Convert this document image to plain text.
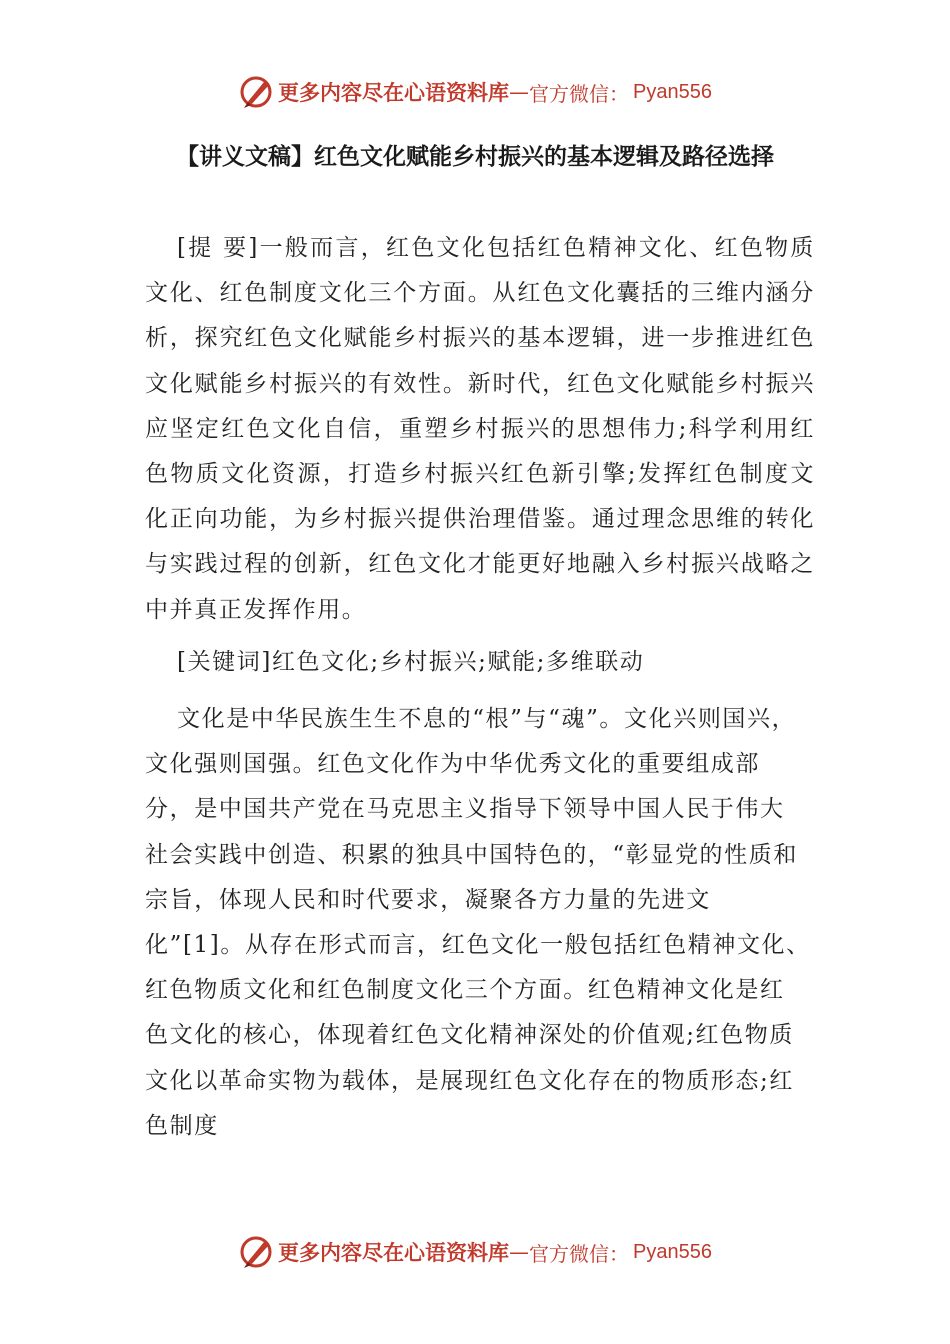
更多内容尽在心语资料库 — 官方微信： Pyan556
【讲义文稿】红色文化赋能乡村振兴的基本逻辑及路径选择
[提 要]一般而言，红色文化包括红色精神文化、红色物质文化、红色制度文化三个方面。从红色文化囊括的三维内涵分析，探究红色文化赋能乡村振兴的基本逻辑，进一步推进红色文化赋能乡村振兴的有效性。新时代，红色文化赋能乡村振兴应坚定红色文化自信，重塑乡村振兴的思想伟力;科学利用红色物质文化资源，打造乡村振兴红色新引擎;发挥红色制度文化正向功能，为乡村振兴提供治理借鉴。通过理念思维的转化与实践过程的创新，红色文化才能更好地融入乡村振兴战略之中并真正发挥作用。
[关键词]红色文化;乡村振兴;赋能;多维联动
文化是中华民族生生不息的“根”与“魂”。文化兴则国兴，
文化强则国强。红色文化作为中华优秀文化的重要组成部
分，是中国共产党在马克思主义指导下领导中国人民于伟大
社会实践中创造、积累的独具中国特色的，“彰显党的性质和
宗旨，体现人民和时代要求，凝聚各方力量的先进文
化”[1]。从存在形式而言，红色文化一般包括红色精神文化、
红色物质文化和红色制度文化三个方面。红色精神文化是红
色文化的核心，体现着红色文化精神深处的价值观;红色物质
文化以革命实物为载体，是展现红色文化存在的物质形态;红
色制度
更多内容尽在心语资料库 — 官方微信： Pyan556
